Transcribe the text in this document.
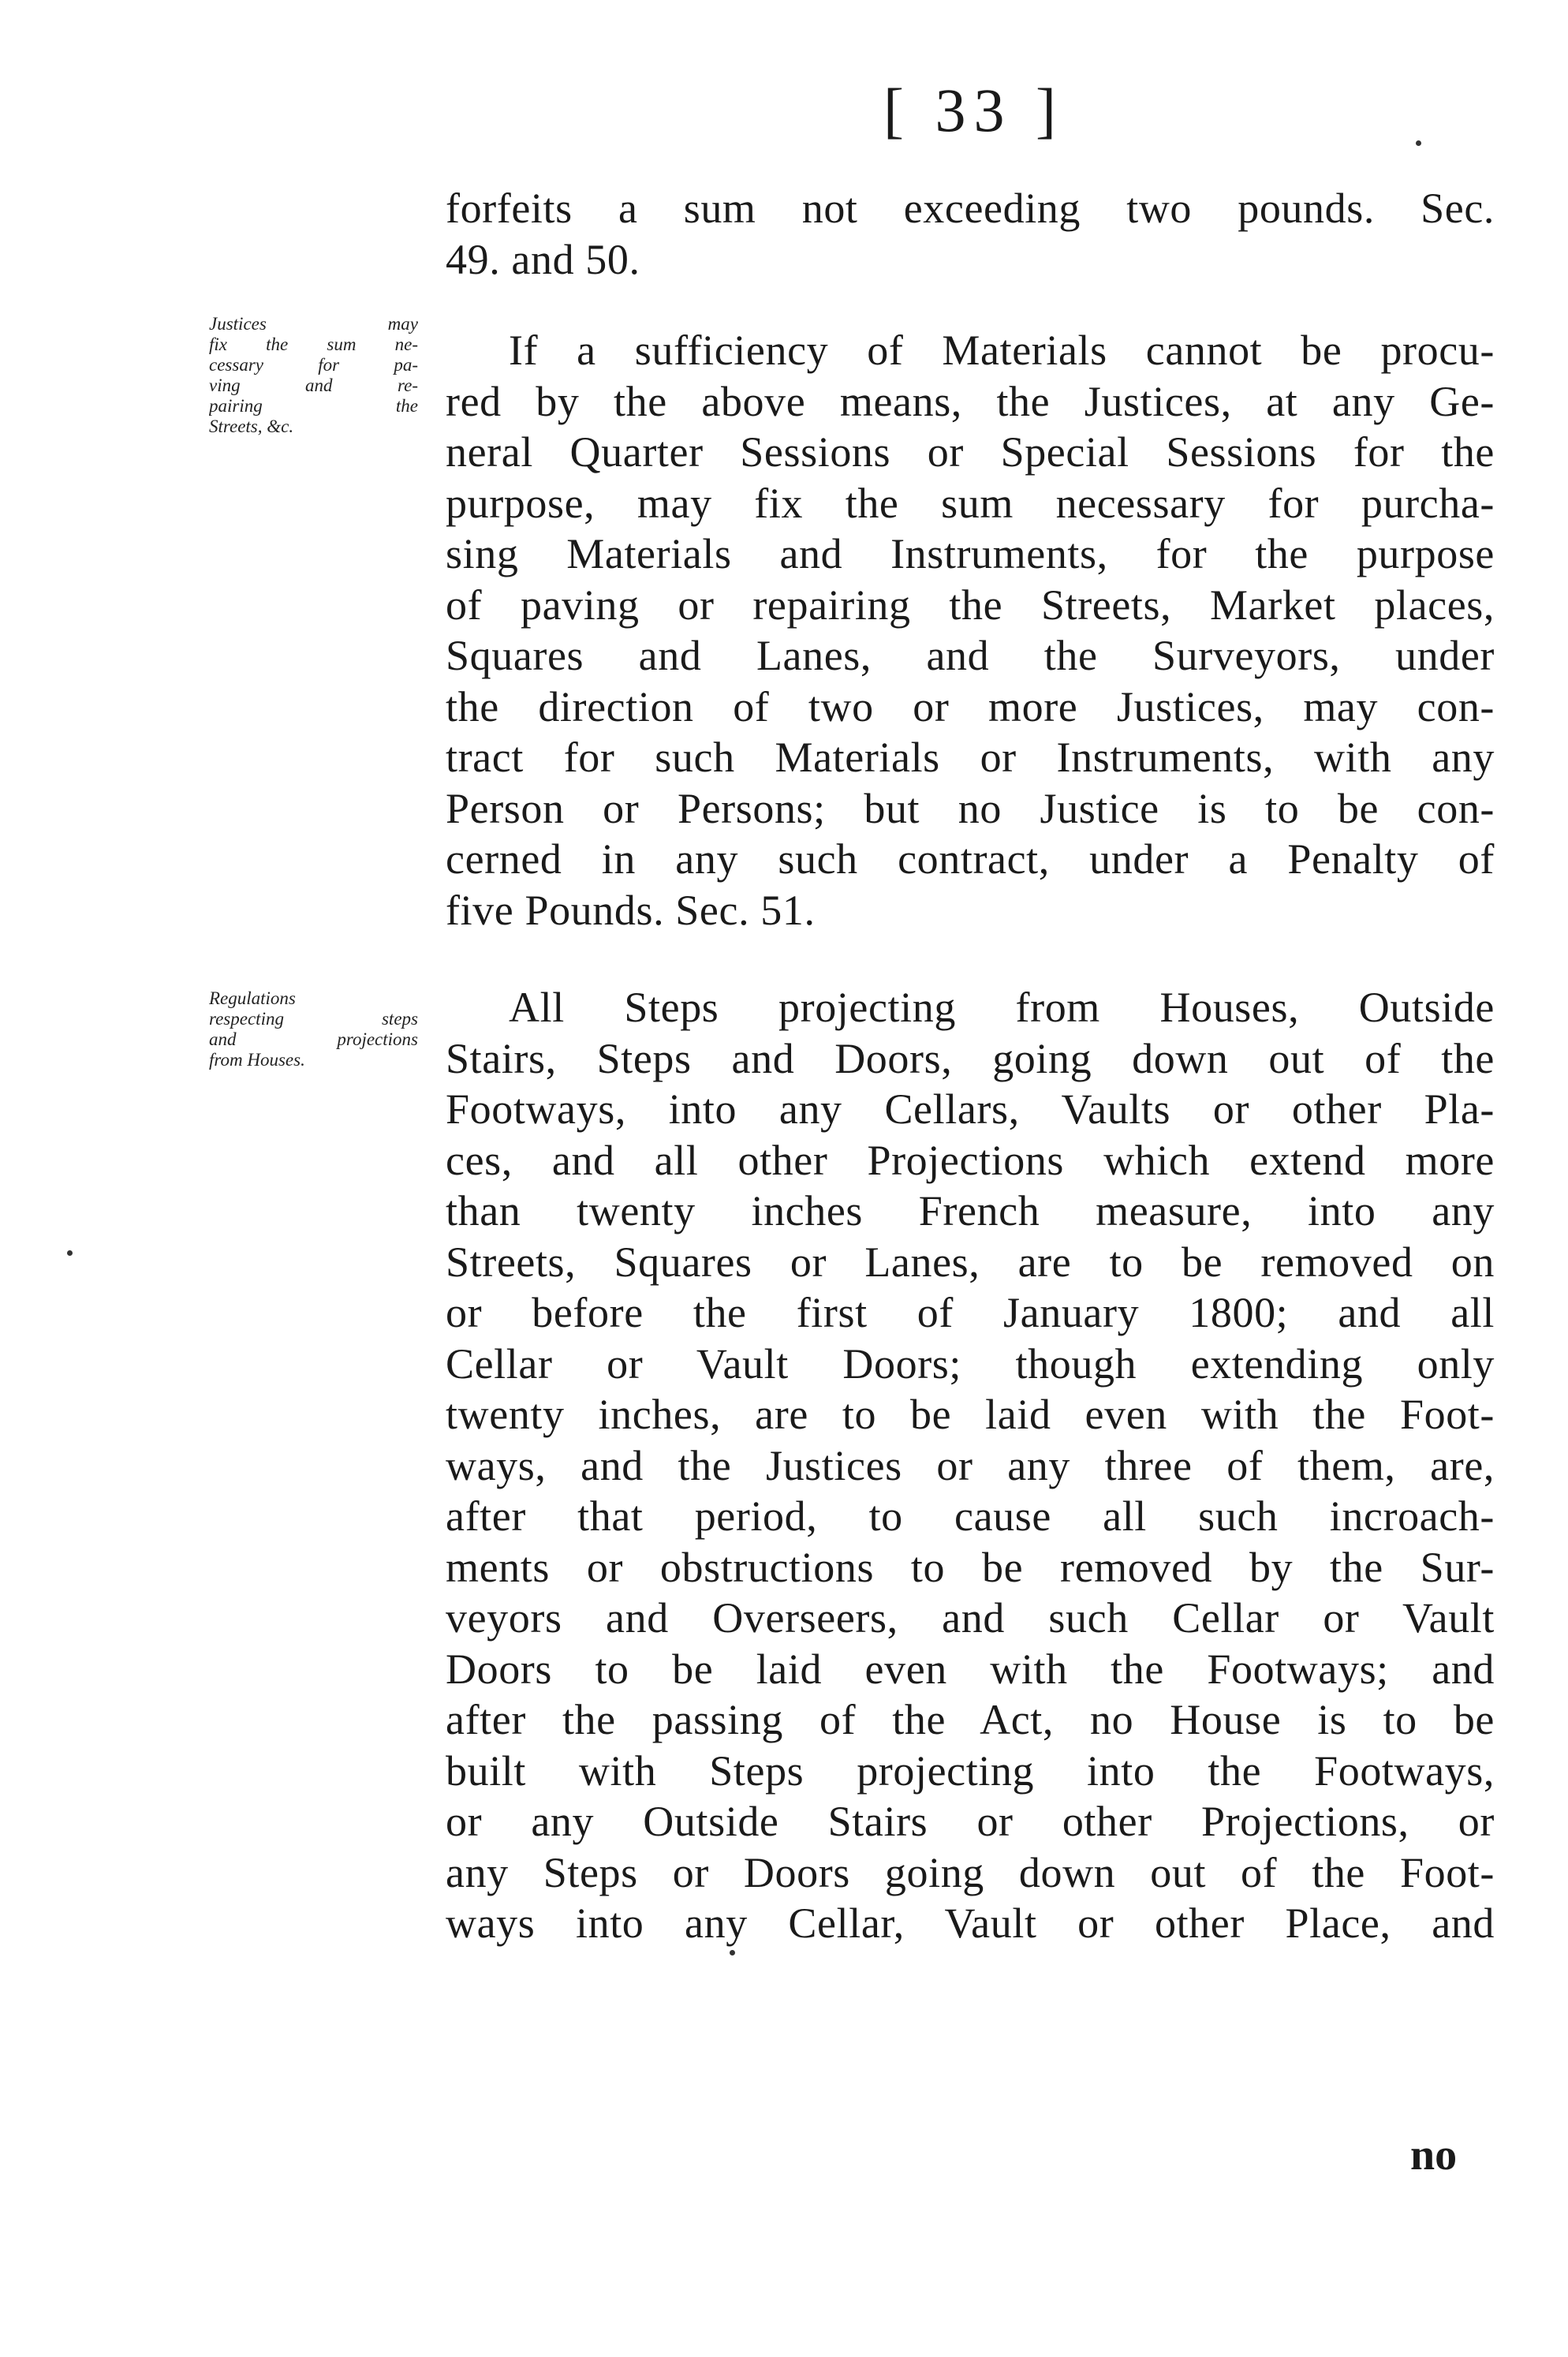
[ 33 ]
forfeits a sum not exceeding two pounds. Sec.
49. and 50.
Justices may
fix the sum ne-
cessary for pa-
ving and re-
pairing the
Streets, &c.
If a sufficiency of Materials cannot be procu-
red by the above means, the Justices, at any Ge-
neral Quarter Sessions or Special Sessions for the
purpose, may fix the sum necessary for purcha-
sing Materials and Instruments, for the purpose
of paving or repairing the Streets, Market places,
Squares and Lanes, and the Surveyors, under
the direction of two or more Justices, may con-
tract for such Materials or Instruments, with any
Person or Persons; but no Justice is to be con-
cerned in any such contract, under a Penalty of
five Pounds. Sec. 51.
Regulations
respecting steps
and projections
from Houses.
All Steps projecting from Houses, Outside
Stairs, Steps and Doors, going down out of the
Footways, into any Cellars, Vaults or other Pla-
ces, and all other Projections which extend more
than twenty inches French measure, into any
Streets, Squares or Lanes, are to be removed on
or before the first of January 1800; and all
Cellar or Vault Doors; though extending only
twenty inches, are to be laid even with the Foot-
ways, and the Justices or any three of them, are,
after that period, to cause all such incroach-
ments or obstructions to be removed by the Sur-
veyors and Overseers, and such Cellar or Vault
Doors to be laid even with the Footways; and
after the passing of the Act, no House is to be
built with Steps projecting into the Footways,
or any Outside Stairs or other Projections, or
any Steps or Doors going down out of the Foot-
ways into any Cellar, Vault or other Place, and
no
